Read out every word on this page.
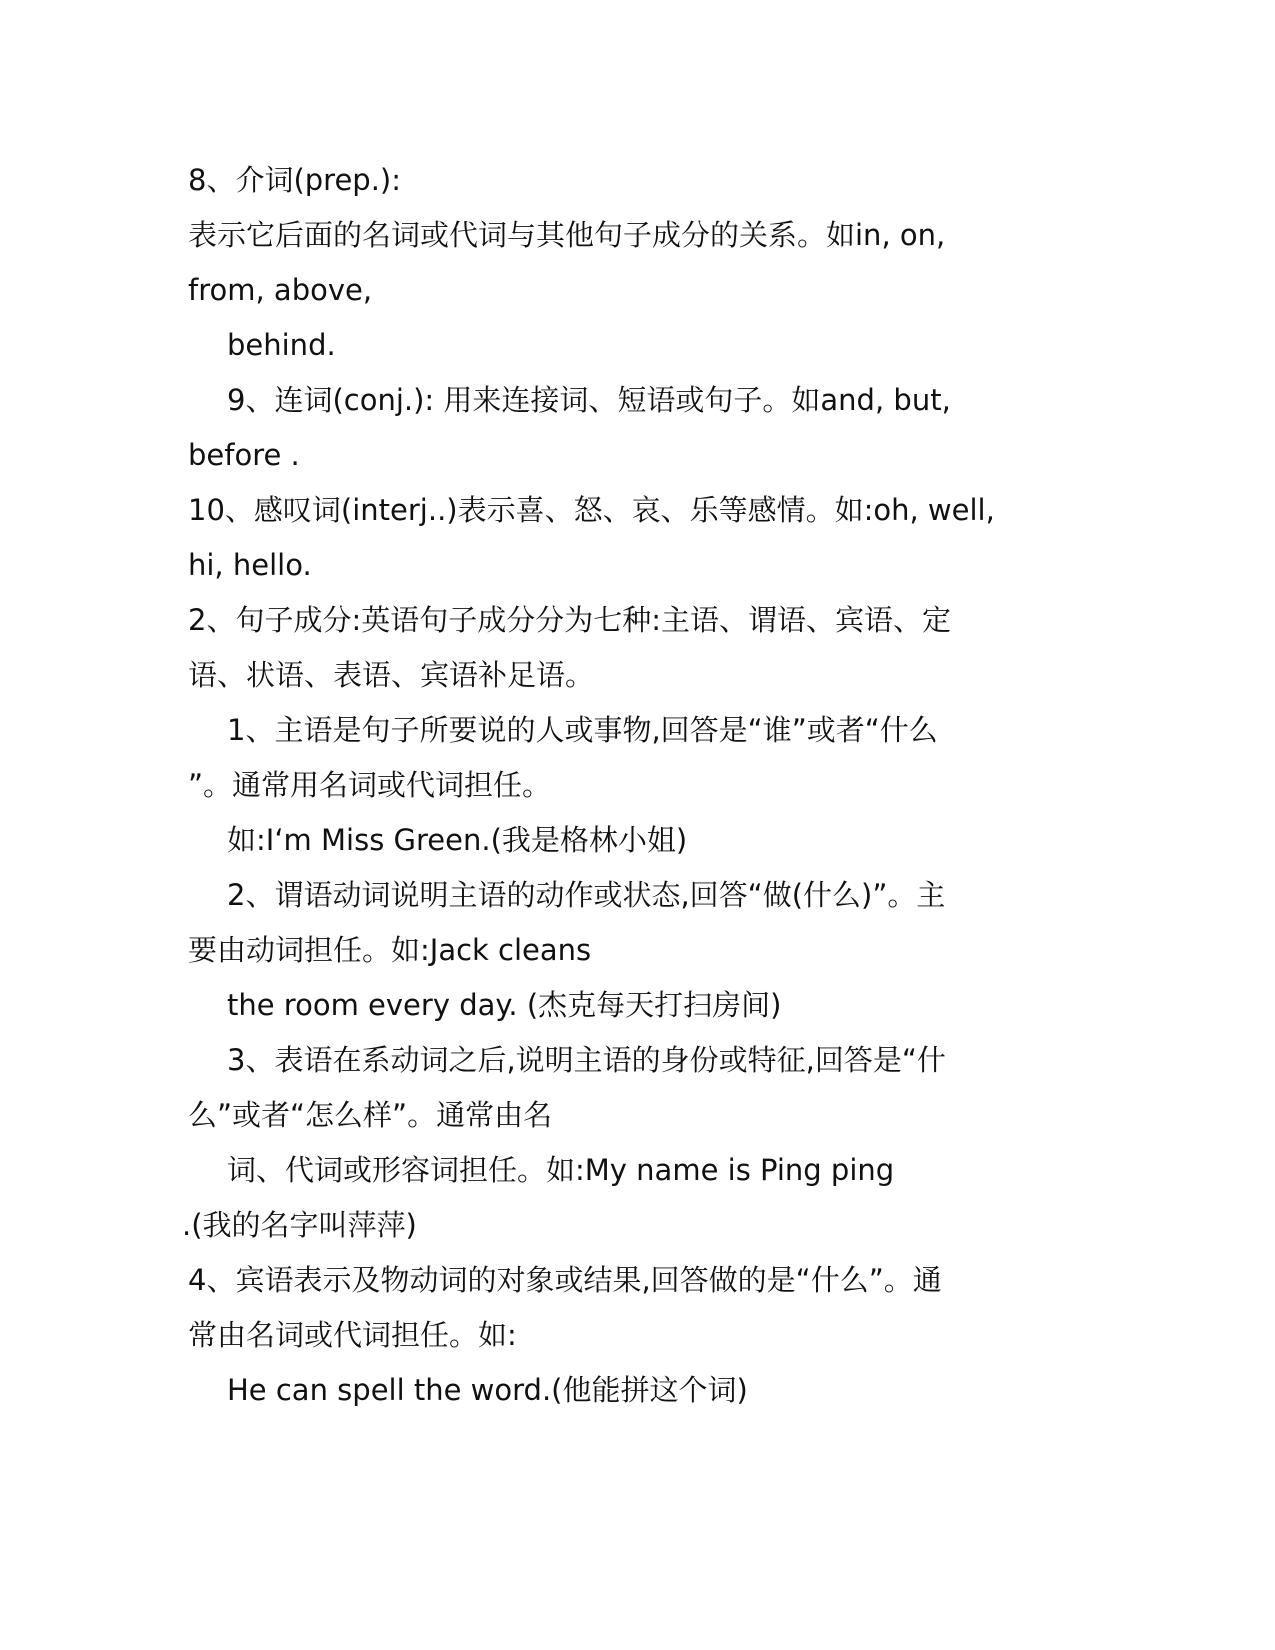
8、介词(prep.):
表示它后面的名词或代词与其他句子成分的关系。如in, on,
from, above,
behind.
9、连词(conj.): 用来连接词、短语或句子。如and, but,
before .
10、感叹词(interj..)表示喜、怒、哀、乐等感情。如:oh, well,
hi, hello.
2、句子成分:英语句子成分分为七种:主语、谓语、宾语、定
语、状语、表语、宾语补足语。
1、主语是句子所要说的人或事物,回答是“谁”或者“什么
”。通常用名词或代词担任。
如:I‘m Miss Green.(我是格林小姐)
2、谓语动词说明主语的动作或状态,回答“做(什么)”。主
要由动词担任。如:Jack cleans
the room every day. (杰克每天打扫房间)
3、表语在系动词之后,说明主语的身份或特征,回答是“什
么”或者“怎么样”。通常由名
词、代词或形容词担任。如:My name is Ping ping
.(我的名字叫萍萍)
4、宾语表示及物动词的对象或结果,回答做的是“什么”。通
常由名词或代词担任。如:
He can spell the word.(他能拼这个词)
